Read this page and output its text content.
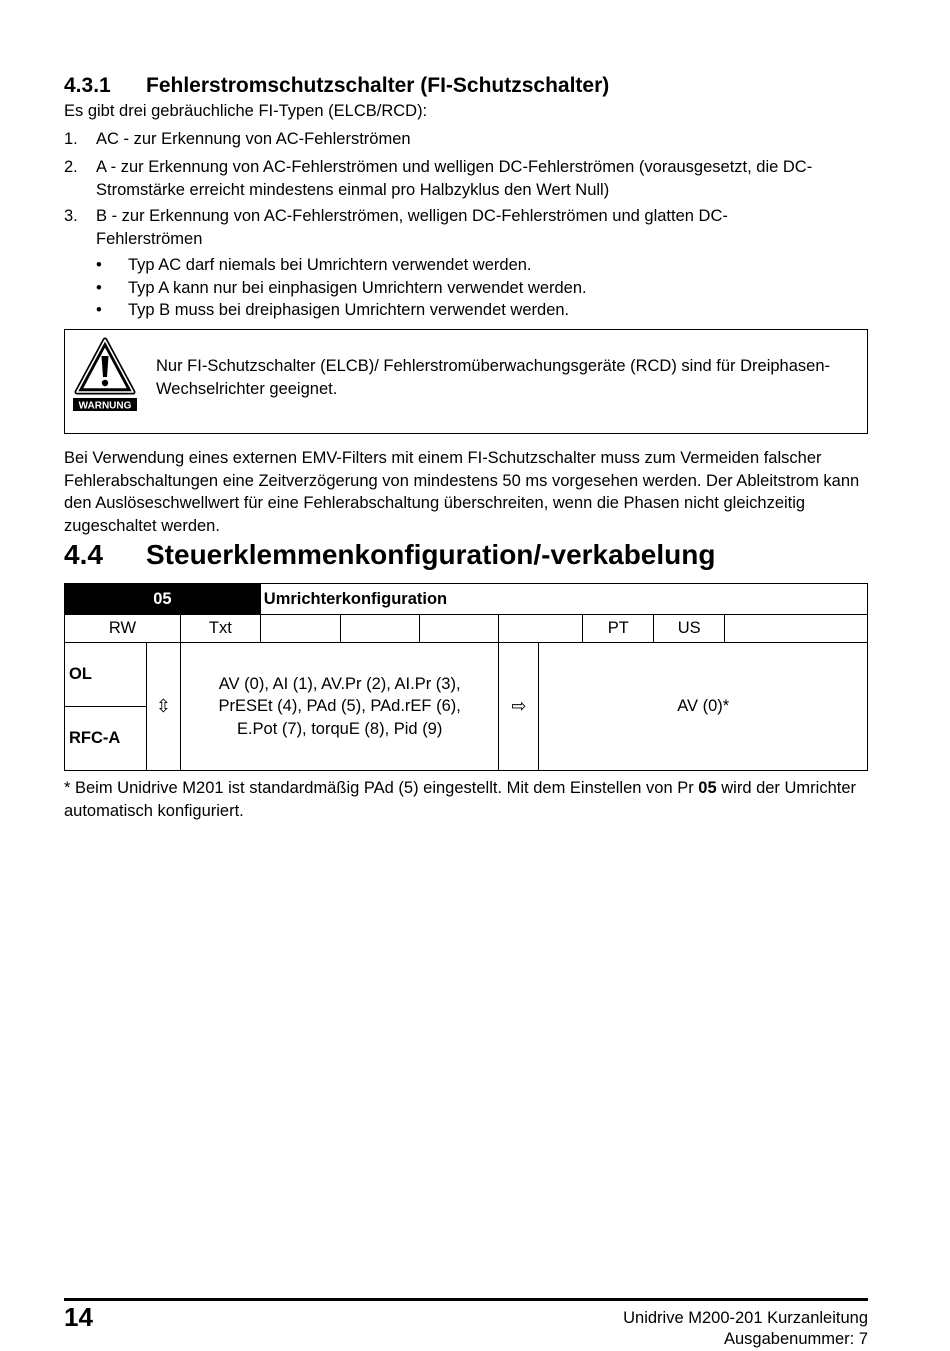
4.3.1 Fehlerstromschutzschalter (FI-Schutzschalter)
Es gibt drei gebräuchliche FI-Typen (ELCB/RCD):
1. AC - zur Erkennung von AC-Fehlerströmen
2. A - zur Erkennung von AC-Fehlerströmen und welligen DC-Fehlerströmen (vorausgesetzt, die DC-Stromstärke erreicht mindestens einmal pro Halbzyklus den Wert Null)
3. B - zur Erkennung von AC-Fehlerströmen, welligen DC-Fehlerströmen und glatten DC-Fehlerströmen
• Typ AC darf niemals bei Umrichtern verwendet werden.
• Typ A kann nur bei einphasigen Umrichtern verwendet werden.
• Typ B muss bei dreiphasigen Umrichtern verwendet werden.
WARNUNG
Nur FI-Schutzschalter (ELCB)/ Fehlerstromüberwachungsgeräte (RCD) sind für Dreiphasen-Wechselrichter geeignet.
Bei Verwendung eines externen EMV-Filters mit einem FI-Schutzschalter muss zum Vermeiden falscher Fehlerabschaltungen eine Zeitverzögerung von mindestens 50 ms vorgesehen werden. Der Ableitstrom kann den Auslöseschwellwert für eine Fehlerabschaltung überschreiten, wenn die Phasen nicht gleichzeitig zugeschaltet werden.
4.4 Steuerklemmenkonfiguration/-verkabelung
05			Umrichterkonfiguration							
RW		Txt						PT	US	
OL	⇳	AV (0), AI (1), AV.Pr (2), AI.Pr (3), PrESEt (4), PAd (5), PAd.rEF (6), E.Pot (7), torquE (8), Pid (9)				⇨	AV (0)*			
RFC-A										
* Beim Unidrive M201 ist standardmäßig PAd (5) eingestellt. Mit dem Einstellen von Pr 05 wird der Umrichter automatisch konfiguriert.
14	Unidrive M200-201 Kurzanleitung
Ausgabenummer: 7
